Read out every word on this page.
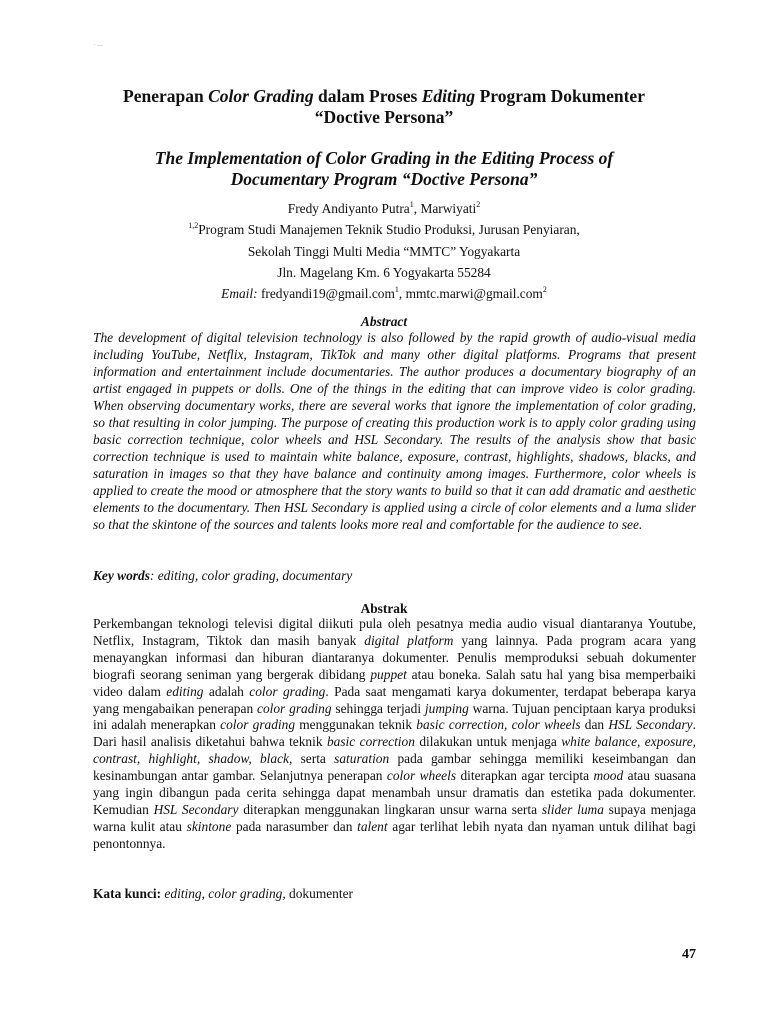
. __
Penerapan Color Grading dalam Proses Editing Program Dokumenter
“Doctive Persona”
The Implementation of Color Grading in the Editing Process of
Documentary Program “Doctive Persona”
Fredy Andiyanto Putra$^1$, Marwiyati$^2$
$^{1,2}$Program Studi Manajemen Teknik Studio Produksi, Jurusan Penyiaran,
Sekolah Tinggi Multi Media “MMTC” Yogyakarta
Jln. Magelang Km. 6 Yogyakarta 55284
Email: fredyandi19@gmail.com$^1$, mmtc.marwi@gmail.com$^2$
Abstract
The development of digital television technology is also followed by the rapid growth of audio-visual media including YouTube, Netflix, Instagram, TikTok and many other digital platforms. Programs that present information and entertainment include documentaries. The author produces a documentary biography of an artist engaged in puppets or dolls. One of the things in the editing that can improve video is color grading. When observing documentary works, there are several works that ignore the implementation of color grading, so that resulting in color jumping. The purpose of creating this production work is to apply color grading using basic correction technique, color wheels and HSL Secondary. The results of the analysis show that basic correction technique is used to maintain white balance, exposure, contrast, highlights, shadows, blacks, and saturation in images so that they have balance and continuity among images. Furthermore, color wheels is applied to create the mood or atmosphere that the story wants to build so that it can add dramatic and aesthetic elements to the documentary. Then HSL Secondary is applied using a circle of color elements and a luma slider so that the skintone of the sources and talents looks more real and comfortable for the audience to see.
Key words: editing, color grading, documentary
Abstrak
Perkembangan teknologi televisi digital diikuti pula oleh pesatnya media audio visual diantaranya Youtube, Netflix, Instagram, Tiktok dan masih banyak digital platform yang lainnya. Pada program acara yang menayangkan informasi dan hiburan diantaranya dokumenter. Penulis memproduksi sebuah dokumenter biografi seorang seniman yang bergerak dibidang puppet atau boneka. Salah satu hal yang bisa memperbaiki video dalam editing adalah color grading. Pada saat mengamati karya dokumenter, terdapat beberapa karya yang mengabaikan penerapan color grading sehingga terjadi jumping warna. Tujuan penciptaan karya produksi ini adalah menerapkan color grading menggunakan teknik basic correction, color wheels dan HSL Secondary. Dari hasil analisis diketahui bahwa teknik basic correction dilakukan untuk menjaga white balance, exposure, contrast, highlight, shadow, black, serta saturation pada gambar sehingga memiliki keseimbangan dan kesinambungan antar gambar. Selanjutnya penerapan color wheels diterapkan agar tercipta mood atau suasana yang ingin dibangun pada cerita sehingga dapat menambah unsur dramatis dan estetika pada dokumenter. Kemudian HSL Secondary diterapkan menggunakan lingkaran unsur warna serta slider luma supaya menjaga warna kulit atau skintone pada narasumber dan talent agar terlihat lebih nyata dan nyaman untuk dilihat bagi penontonnya.
Kata kunci: editing, color grading, dokumenter
47
